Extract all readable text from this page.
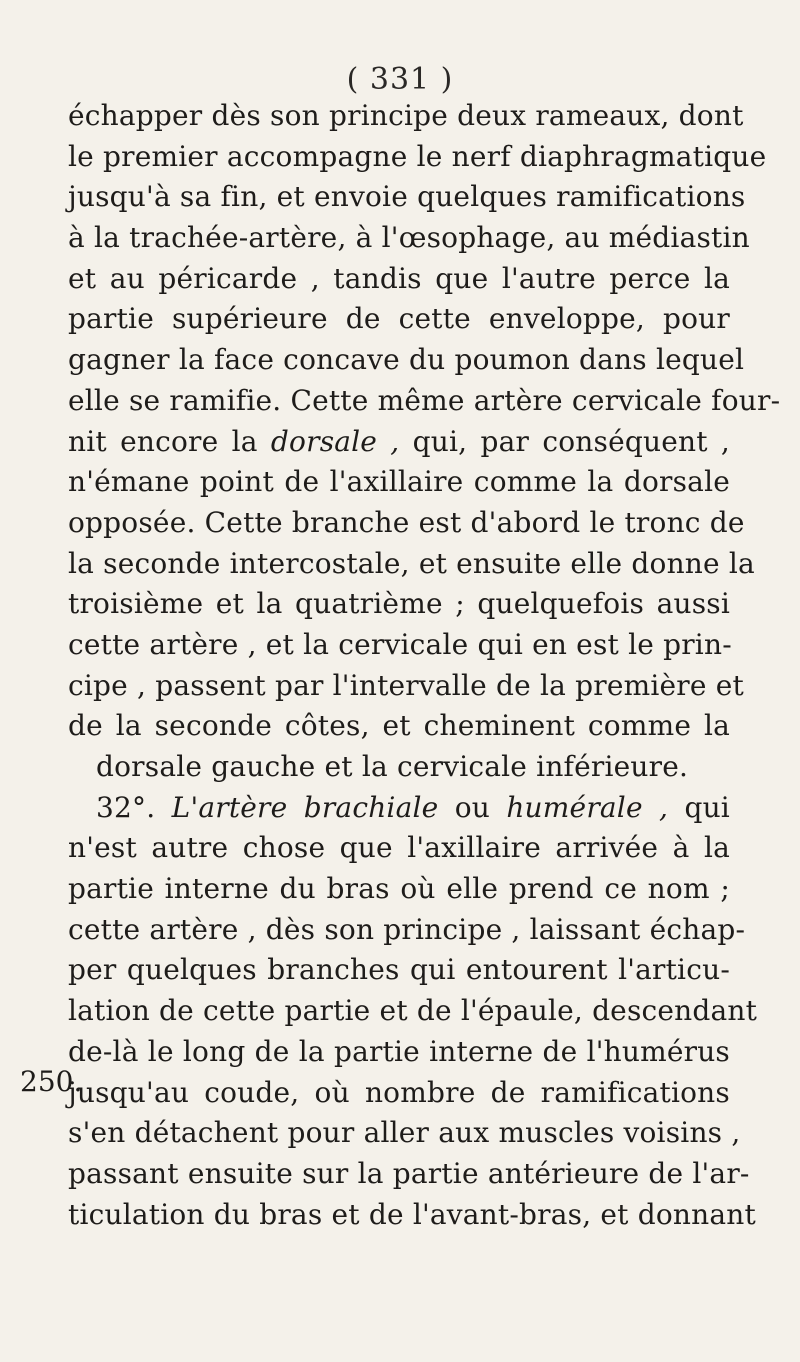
( 331 )
250.
échapper dès son principe deux rameaux, dont
le premier accompagne le nerf diaphragmatique
jusqu'à sa fin, et envoie quelques ramifications
à la trachée-artère, à l'œsophage, au médiastin
et au péricarde , tandis que l'autre perce la
partie supérieure de cette enveloppe, pour
gagner la face concave du poumon dans lequel
elle se ramifie. Cette même artère cervicale four-
nit encore la dorsale , qui, par conséquent ,
n'émane point de l'axillaire comme la dorsale
opposée. Cette branche est d'abord le tronc de
la seconde intercostale, et ensuite elle donne la
troisième et la quatrième ; quelquefois aussi
cette artère , et la cervicale qui en est le prin-
cipe , passent par l'intervalle de la première et
de la seconde côtes, et cheminent comme la
dorsale gauche et la cervicale inférieure.
32°. L'artère brachiale ou humérale , qui
n'est autre chose que l'axillaire arrivée à la
partie interne du bras où elle prend ce nom ;
cette artère , dès son principe , laissant échap-
per quelques branches qui entourent l'articu-
lation de cette partie et de l'épaule, descendant
de-là le long de la partie interne de l'humérus
jusqu'au coude, où nombre de ramifications
s'en détachent pour aller aux muscles voisins ,
passant ensuite sur la partie antérieure de l'ar-
ticulation du bras et de l'avant-bras, et donnant
